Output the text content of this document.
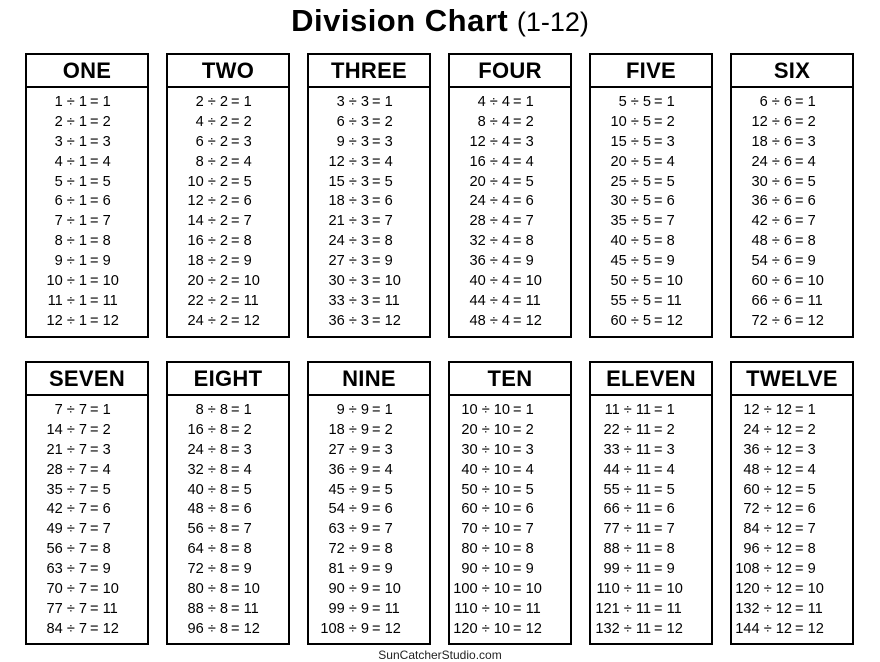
Division Chart (1-12)
ONE
1 ÷ 1 = 1
2 ÷ 1 = 2
3 ÷ 1 = 3
4 ÷ 1 = 4
5 ÷ 1 = 5
6 ÷ 1 = 6
7 ÷ 1 = 7
8 ÷ 1 = 8
9 ÷ 1 = 9
10 ÷ 1 = 10
11 ÷ 1 = 11
12 ÷ 1 = 12
TWO
2 ÷ 2 = 1
4 ÷ 2 = 2
6 ÷ 2 = 3
8 ÷ 2 = 4
10 ÷ 2 = 5
12 ÷ 2 = 6
14 ÷ 2 = 7
16 ÷ 2 = 8
18 ÷ 2 = 9
20 ÷ 2 = 10
22 ÷ 2 = 11
24 ÷ 2 = 12
THREE
3 ÷ 3 = 1
6 ÷ 3 = 2
9 ÷ 3 = 3
12 ÷ 3 = 4
15 ÷ 3 = 5
18 ÷ 3 = 6
21 ÷ 3 = 7
24 ÷ 3 = 8
27 ÷ 3 = 9
30 ÷ 3 = 10
33 ÷ 3 = 11
36 ÷ 3 = 12
FOUR
4 ÷ 4 = 1
8 ÷ 4 = 2
12 ÷ 4 = 3
16 ÷ 4 = 4
20 ÷ 4 = 5
24 ÷ 4 = 6
28 ÷ 4 = 7
32 ÷ 4 = 8
36 ÷ 4 = 9
40 ÷ 4 = 10
44 ÷ 4 = 11
48 ÷ 4 = 12
FIVE
5 ÷ 5 = 1
10 ÷ 5 = 2
15 ÷ 5 = 3
20 ÷ 5 = 4
25 ÷ 5 = 5
30 ÷ 5 = 6
35 ÷ 5 = 7
40 ÷ 5 = 8
45 ÷ 5 = 9
50 ÷ 5 = 10
55 ÷ 5 = 11
60 ÷ 5 = 12
SIX
6 ÷ 6 = 1
12 ÷ 6 = 2
18 ÷ 6 = 3
24 ÷ 6 = 4
30 ÷ 6 = 5
36 ÷ 6 = 6
42 ÷ 6 = 7
48 ÷ 6 = 8
54 ÷ 6 = 9
60 ÷ 6 = 10
66 ÷ 6 = 11
72 ÷ 6 = 12
SEVEN
7 ÷ 7 = 1
14 ÷ 7 = 2
21 ÷ 7 = 3
28 ÷ 7 = 4
35 ÷ 7 = 5
42 ÷ 7 = 6
49 ÷ 7 = 7
56 ÷ 7 = 8
63 ÷ 7 = 9
70 ÷ 7 = 10
77 ÷ 7 = 11
84 ÷ 7 = 12
EIGHT
8 ÷ 8 = 1
16 ÷ 8 = 2
24 ÷ 8 = 3
32 ÷ 8 = 4
40 ÷ 8 = 5
48 ÷ 8 = 6
56 ÷ 8 = 7
64 ÷ 8 = 8
72 ÷ 8 = 9
80 ÷ 8 = 10
88 ÷ 8 = 11
96 ÷ 8 = 12
NINE
9 ÷ 9 = 1
18 ÷ 9 = 2
27 ÷ 9 = 3
36 ÷ 9 = 4
45 ÷ 9 = 5
54 ÷ 9 = 6
63 ÷ 9 = 7
72 ÷ 9 = 8
81 ÷ 9 = 9
90 ÷ 9 = 10
99 ÷ 9 = 11
108 ÷ 9 = 12
TEN
10 ÷ 10 = 1
20 ÷ 10 = 2
30 ÷ 10 = 3
40 ÷ 10 = 4
50 ÷ 10 = 5
60 ÷ 10 = 6
70 ÷ 10 = 7
80 ÷ 10 = 8
90 ÷ 10 = 9
100 ÷ 10 = 10
110 ÷ 10 = 11
120 ÷ 10 = 12
ELEVEN
11 ÷ 11 = 1
22 ÷ 11 = 2
33 ÷ 11 = 3
44 ÷ 11 = 4
55 ÷ 11 = 5
66 ÷ 11 = 6
77 ÷ 11 = 7
88 ÷ 11 = 8
99 ÷ 11 = 9
110 ÷ 11 = 10
121 ÷ 11 = 11
132 ÷ 11 = 12
TWELVE
12 ÷ 12 = 1
24 ÷ 12 = 2
36 ÷ 12 = 3
48 ÷ 12 = 4
60 ÷ 12 = 5
72 ÷ 12 = 6
84 ÷ 12 = 7
96 ÷ 12 = 8
108 ÷ 12 = 9
120 ÷ 12 = 10
132 ÷ 12 = 11
144 ÷ 12 = 12
SunCatcherStudio.com
